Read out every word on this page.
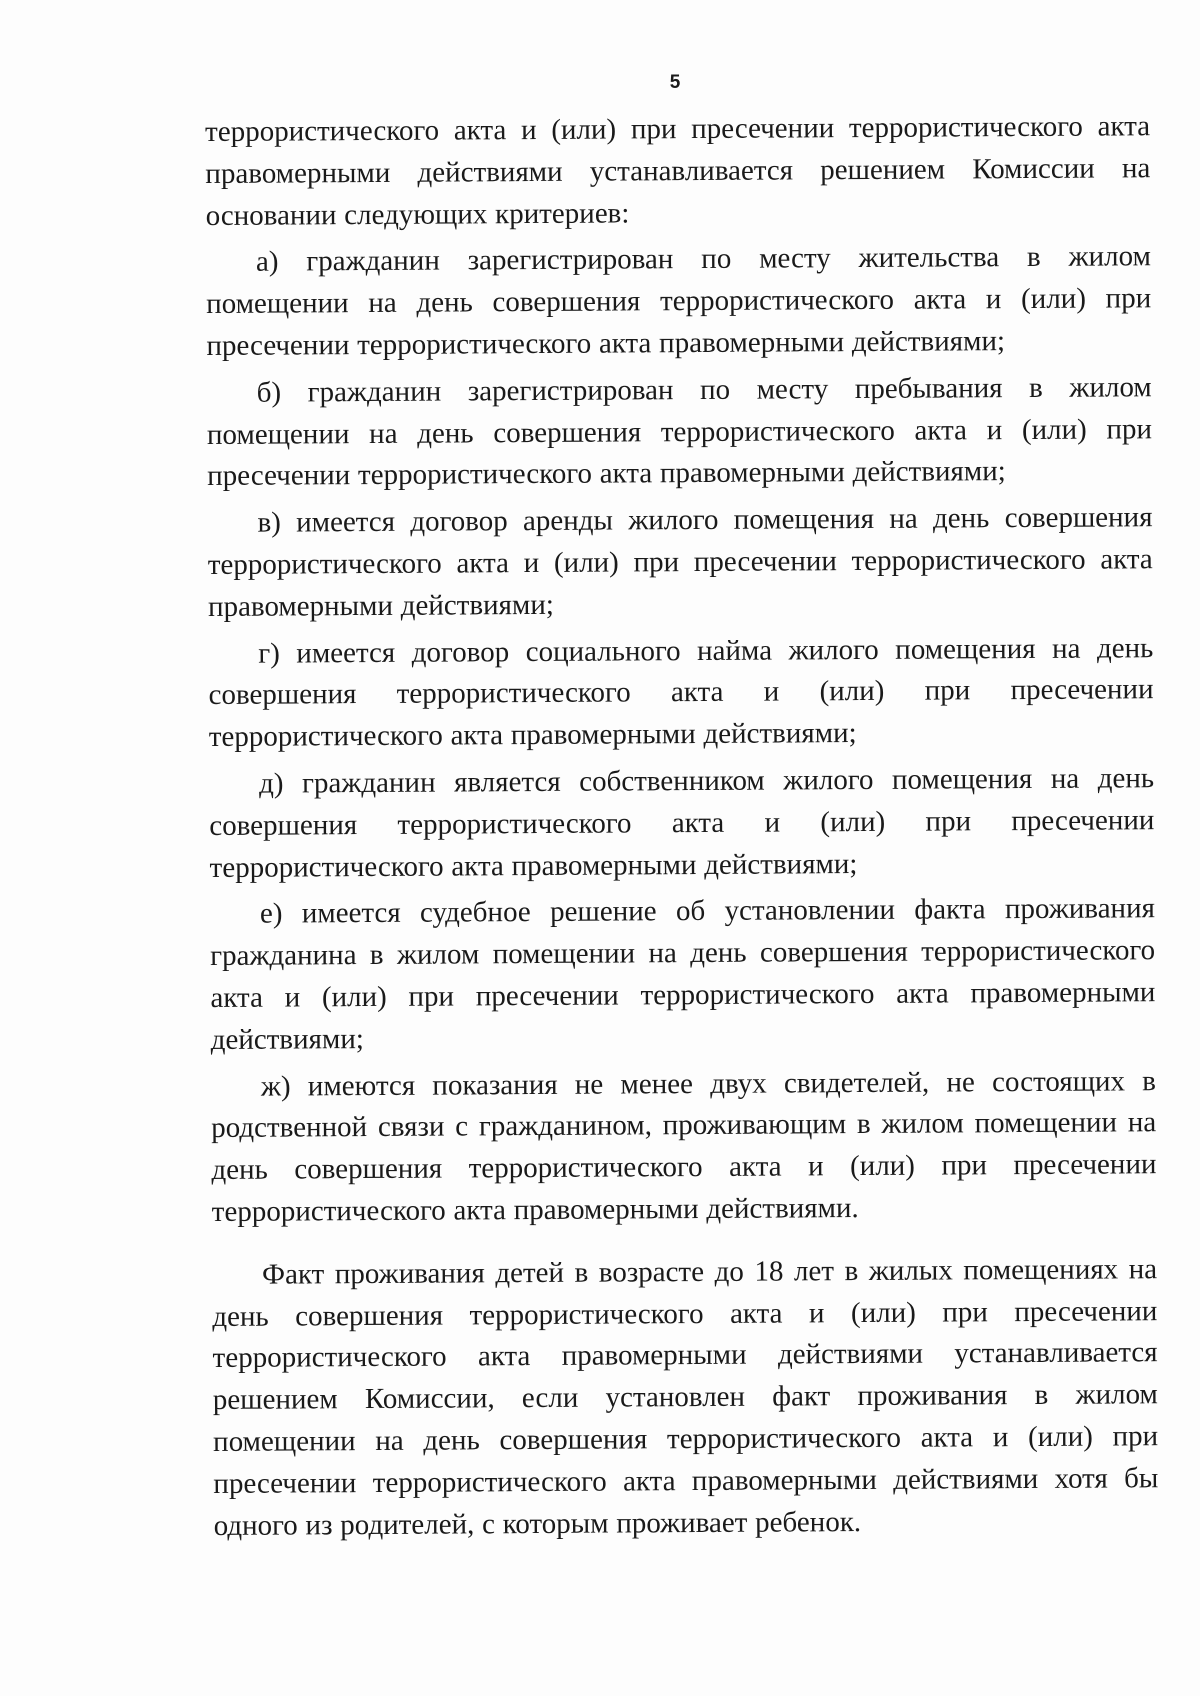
5

террористического акта и (или) при пресечении террористического акта правомерными действиями устанавливается решением Комиссии на основании следующих критериев:

а) гражданин зарегистрирован по месту жительства в жилом помещении на день совершения террористического акта и (или) при пресечении террористического акта правомерными действиями;

б) гражданин зарегистрирован по месту пребывания в жилом помещении на день совершения террористического акта и (или) при пресечении террористического акта правомерными действиями;

в) имеется договор аренды жилого помещения на день совершения террористического акта и (или) при пресечении террористического акта правомерными действиями;

г) имеется договор социального найма жилого помещения на день совершения террористического акта и (или) при пресечении террористического акта правомерными действиями;

д) гражданин является собственником жилого помещения на день совершения террористического акта и (или) при пресечении террористического акта правомерными действиями;

е) имеется судебное решение об установлении факта проживания гражданина в жилом помещении на день совершения террористического акта и (или) при пресечении террористического акта правомерными действиями;

ж) имеются показания не менее двух свидетелей, не состоящих в родственной связи с гражданином, проживающим в жилом помещении на день совершения террористического акта и (или) при пресечении террористического акта правомерными действиями.

Факт проживания детей в возрасте до 18 лет в жилых помещениях на день совершения террористического акта и (или) при пресечении террористического акта правомерными действиями устанавливается решением Комиссии, если установлен факт проживания в жилом помещении на день совершения террористического акта и (или) при пресечении террористического акта правомерными действиями хотя бы одного из родителей, с которым проживает ребенок.
